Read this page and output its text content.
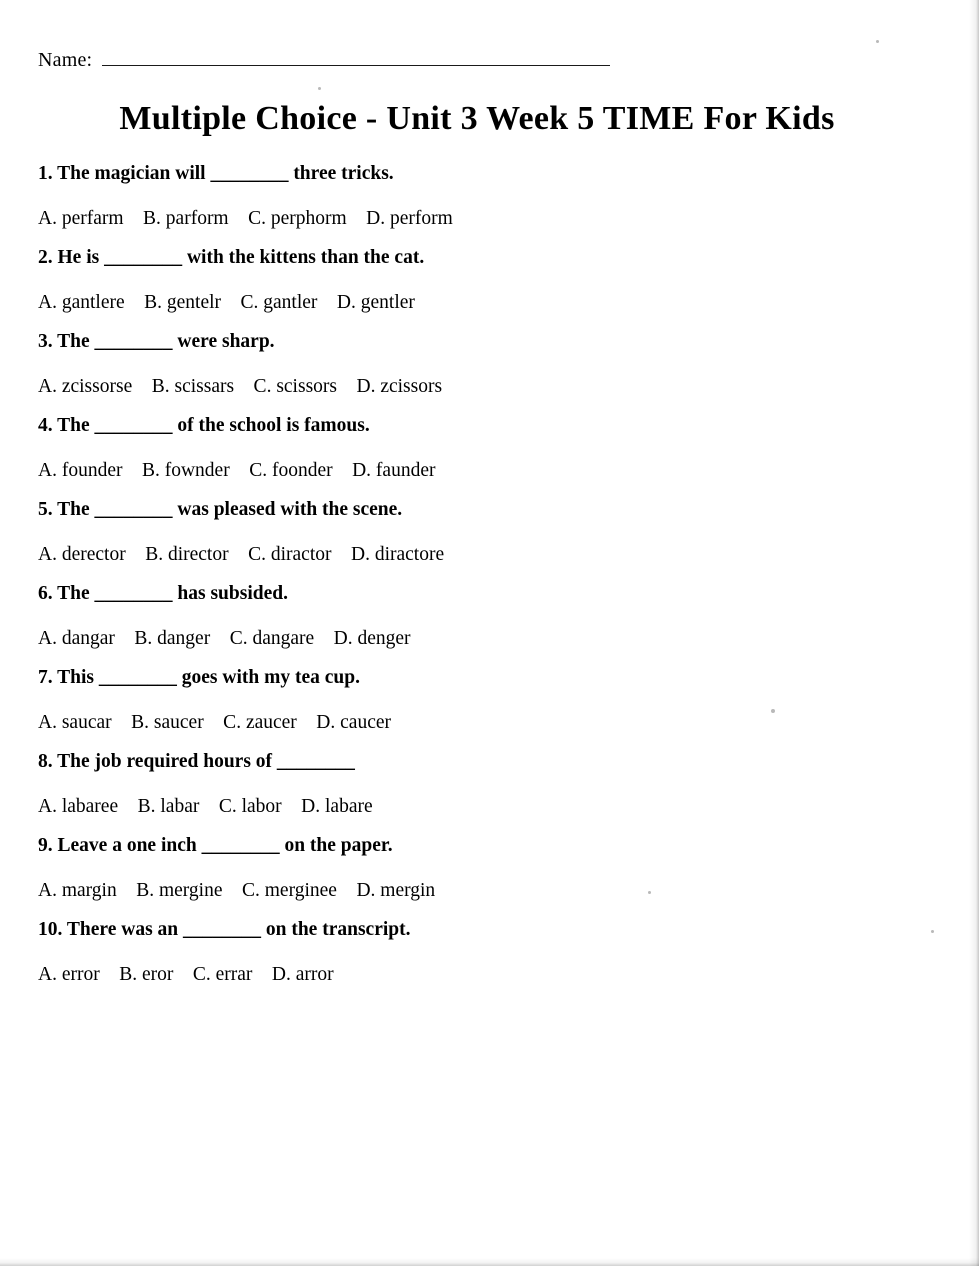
Name:
Multiple Choice - Unit 3 Week 5 TIME For Kids
1. The magician will ________ three tricks.
A. perfarm    B. parform    C. perphorm    D. perform
2. He is ________ with the kittens than the cat.
A. gantlere    B. gentelr    C. gantler    D. gentler
3. The ________ were sharp.
A. zcissorse    B. scissars    C. scissors    D. zcissors
4. The ________ of the school is famous.
A. founder    B. fownder    C. foonder    D. faunder
5. The ________ was pleased with the scene.
A. derector    B. director    C. diractor    D. diractore
6. The ________ has subsided.
A. dangar    B. danger    C. dangare    D. denger
7. This ________ goes with my tea cup.
A. saucar    B. saucer    C. zaucer    D. caucer
8. The job required hours of ________
A. labaree    B. labar    C. labor    D. labare
9. Leave a one inch ________ on the paper.
A. margin    B. mergine    C. merginee    D. mergin
10. There was an ________ on the transcript.
A. error    B. eror    C. errar    D. arror
